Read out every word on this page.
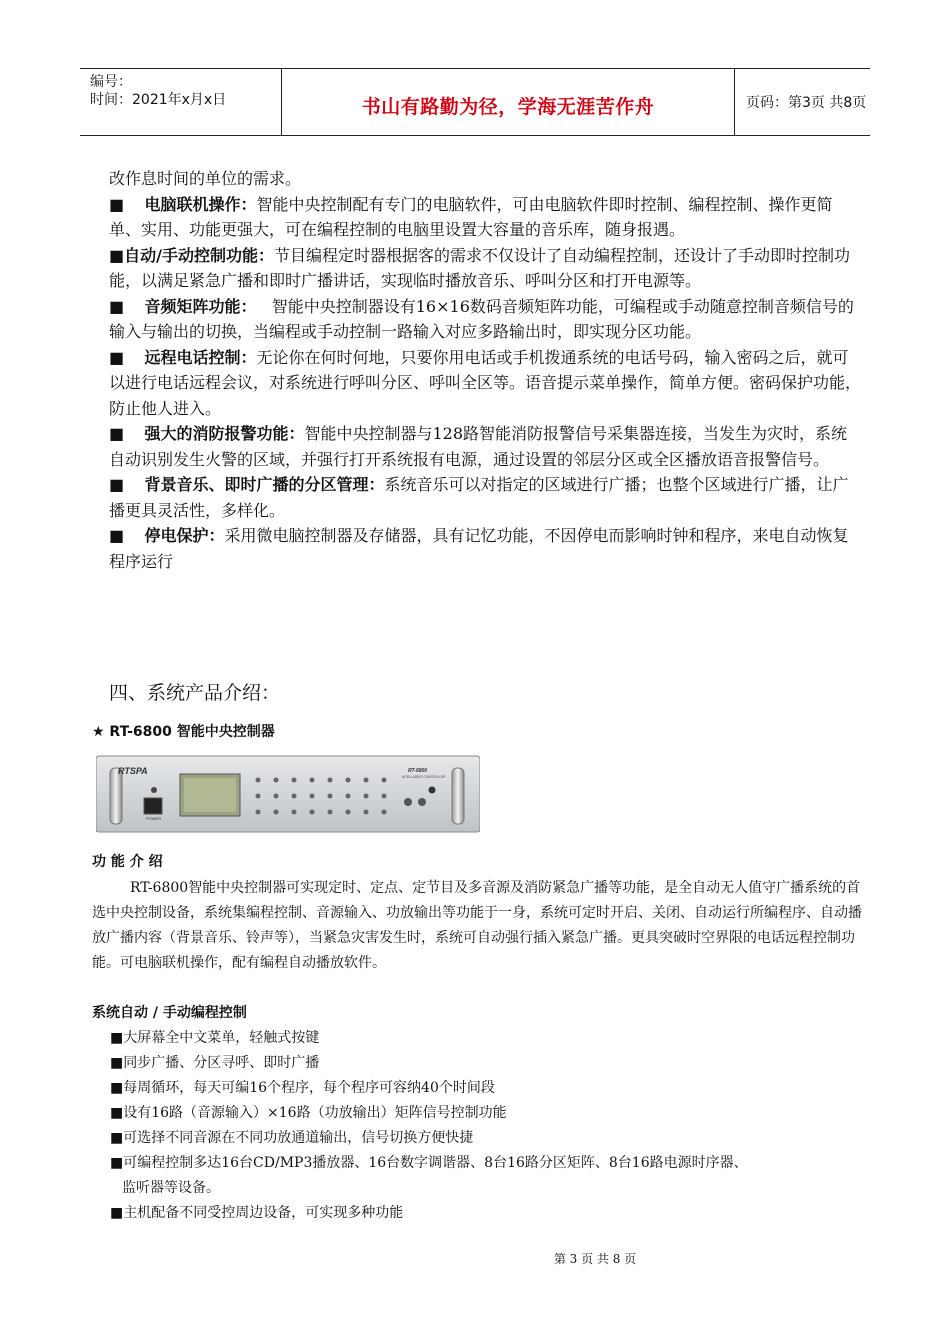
编号：
时间：2021年x月x日	书山有路勤为径，学海无涯苦作舟	页码：第3页 共8页

改作息时间的单位的需求。

■ 电脑联机操作：智能中央控制配有专门的电脑软件，可由电脑软件即时控制、编程控制、操作更简单、实用、功能更强大，可在编程控制的电脑里设置大容量的音乐库，随身报遇。

■自动/手动控制功能：节目编程定时器根据客的需求不仅设计了自动编程控制，还设计了手动即时控制功能，以满足紧急广播和即时广播讲话，实现临时播放音乐、呼叫分区和打开电源等。

■ 音频矩阵功能： 智能中央控制器设有16×16数码音频矩阵功能，可编程或手动随意控制音频信号的输入与输出的切换，当编程或手动控制一路输入对应多路输出时，即实现分区功能。

■ 远程电话控制：无论你在何时何地，只要你用电话或手机拨通系统的电话号码，输入密码之后，就可以进行电话远程会议，对系统进行呼叫分区、呼叫全区等。语音提示菜单操作，简单方便。密码保护功能，防止他人进入。

■ 强大的消防报警功能：智能中央控制器与128路智能消防报警信号采集器连接，当发生为灾时，系统自动识别发生火警的区域，并强行打开系统报有电源，通过设置的邻层分区或全区播放语音报警信号。

■ 背景音乐、即时广播的分区管理：系统音乐可以对指定的区域进行广播；也整个区域进行广播，让广播更具灵活性，多样化。

■ 停电保护：采用微电脑控制器及存储器，具有记忆功能，不因停电而影响时钟和程序，来电自动恢复程序运行

四、系统产品介绍：
★ RT-6800 智能中央控制器
RTSPA
POWER
RT-6800
INTELLIGENT CONTROLLER
功 能 介 绍
RT-6800智能中央控制器可实现定时、定点、定节目及多音源及消防紧急广播等功能，是全自动无人值守广播系统的首选中央控制设备，系统集编程控制、音源输入、功放输出等功能于一身，系统可定时开启、关闭、自动运行所编程序、自动播放广播内容（背景音乐、铃声等），当紧急灾害发生时，系统可自动强行插入紧急广播。更具突破时空界限的电话远程控制功能。可电脑联机操作，配有编程自动播放软件。
系统自动 / 手动编程控制

■大屏幕全中文菜单，轻触式按键

■同步广播、分区寻呼、即时广播

■每周循环，每天可编16个程序，每个程序可容纳40个时间段

■设有16路（音源输入）×16路（功放输出）矩阵信号控制功能

■可选择不同音源在不同功放通道输出，信号切换方便快捷

■可编程控制多达16台CD/MP3播放器、16台数字调谐器、8台16路分区矩阵、8台16路电源时序器、

监听器等设备。

■主机配备不同受控周边设备，可实现多种功能

第 3 页 共 8 页
